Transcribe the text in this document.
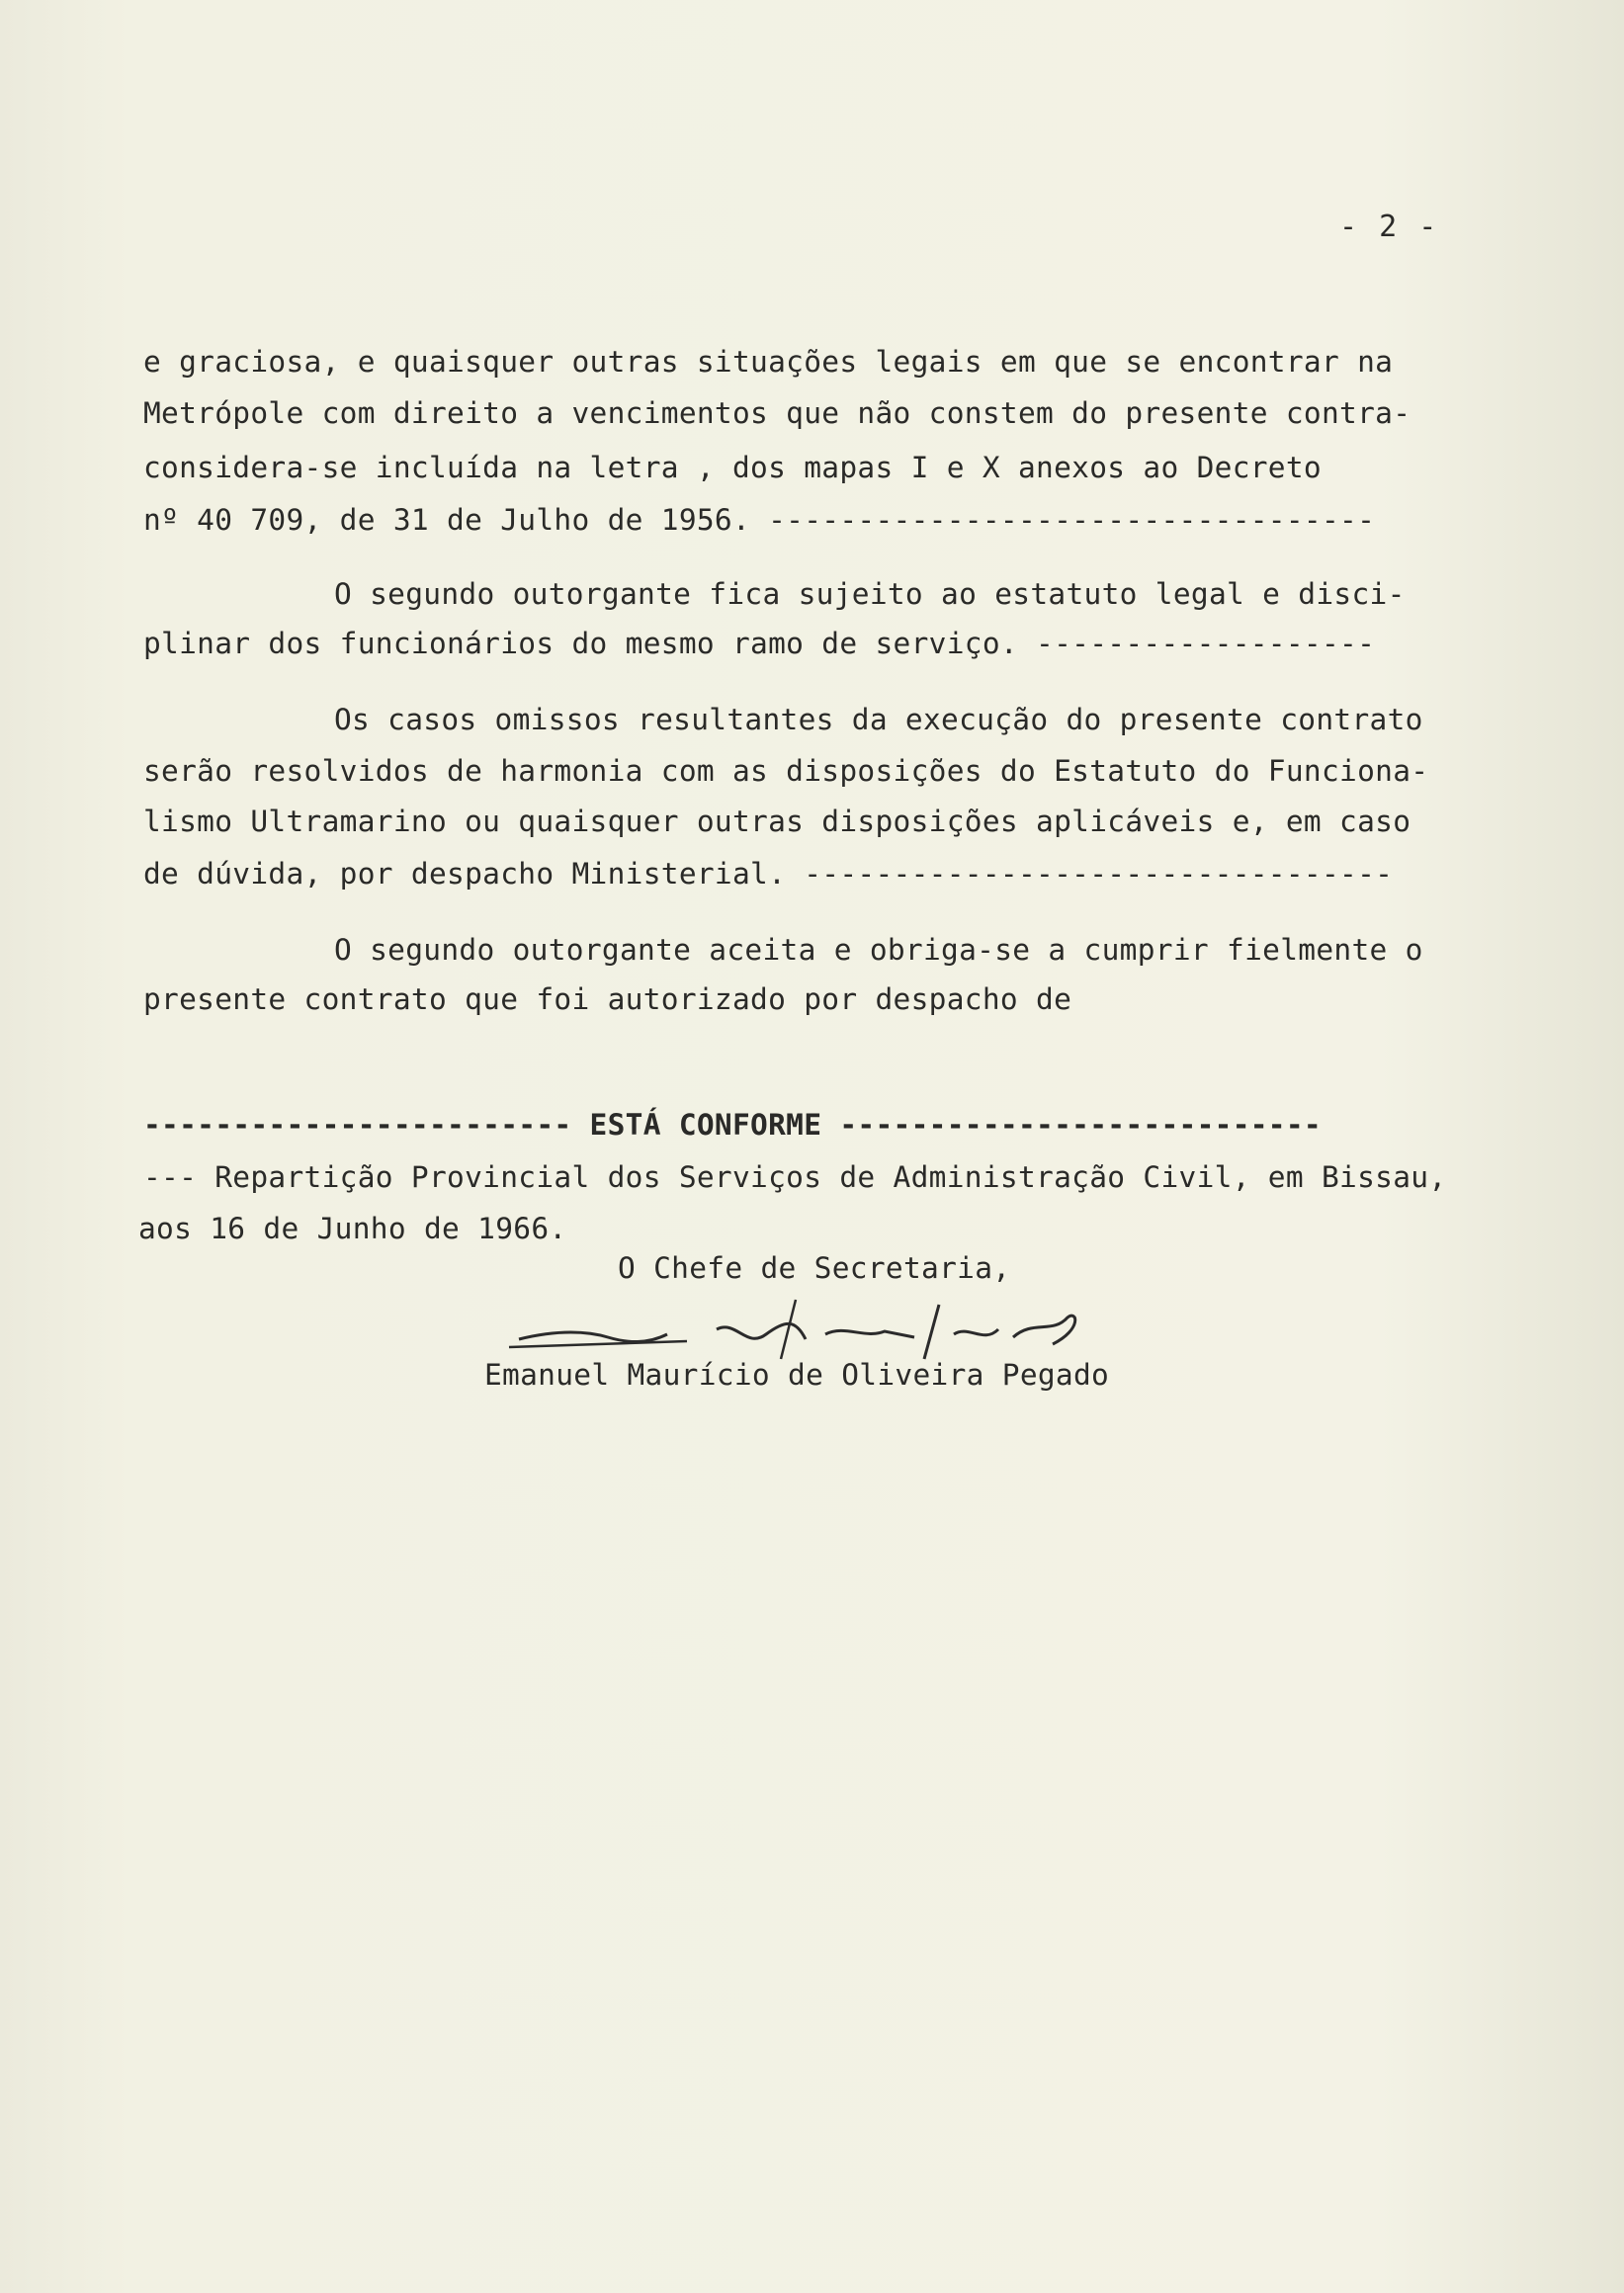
- 2 -
e graciosa, e quaisquer outras situações legais em que se encontrar na
Metrópole com direito a vencimentos que não constem do presente contra-
considera-se incluída na letra , dos mapas I e X anexos ao Decreto
nº 40 709, de 31 de Julho de 1956. ----------------------------------
O segundo outorgante fica sujeito ao estatuto legal e disci-
plinar dos funcionários do mesmo ramo de serviço. -------------------
Os casos omissos resultantes da execução do presente contrato
serão resolvidos de harmonia com as disposições do Estatuto do Funciona-
lismo Ultramarino ou quaisquer outras disposições aplicáveis e, em caso
de dúvida, por despacho Ministerial. ---------------------------------
O segundo outorgante aceita e obriga-se a cumprir fielmente o
presente contrato que foi autorizado por despacho de
------------------------ ESTÁ CONFORME ---------------------------
--- Repartição Provincial dos Serviços de Administração Civil, em Bissau,
aos 16 de Junho de 1966.
O Chefe de Secretaria,
Emanuel Maurício de Oliveira Pegado
